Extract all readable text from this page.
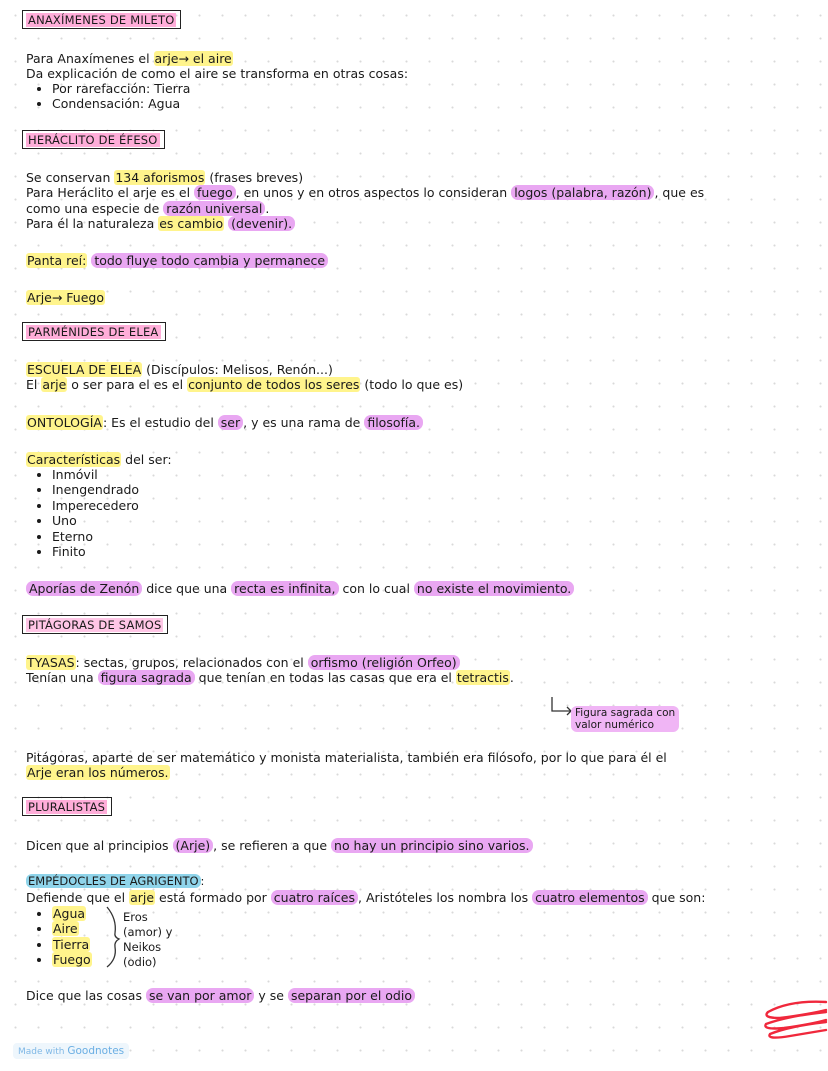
ANAXÍMENES DE MILETO
Para Anaxímenes el arje→ el aire
Da explicación de como el aire se transforma en otras cosas:
• Por rarefacción: Tierra
• Condensación: Agua
HERÁCLITO DE ÉFESO
Se conservan 134 aforismos (frases breves)
Para Heráclito el arje es el fuego , en unos y en otros aspectos lo consideran logos (palabra, razón) , que es
como una especie de razón universal .
Para él la naturaleza es cambio (devenir).
Panta reí: todo fluye todo cambia y permanece
Arje→ Fuego
PARMÉNIDES DE ELEA
ESCUELA DE ELEA (Discípulos: Melisos, Renón...)
El arje o ser para el es el conjunto de todos los seres (todo lo que es)
ONTOLOGÍA: Es el estudio del ser , y es una rama de filosofía.
Características del ser:
• Inmóvil
• Inengendrado
• Imperecedero
• Uno
• Eterno
• Finito
Aporías de Zenón dice que una recta es infinita, con lo cual no existe el movimiento.
PITÁGORAS DE SAMOS
TYASAS: sectas, grupos, relacionados con el orfismo (religión Orfeo)
Tenían una figura sagrada que tenían en todas las casas que era el tetractis.
Figura sagrada con
valor numérico
Pitágoras, aparte de ser matemático y monista materialista, también era filósofo, por lo que para él el
Arje eran los números.
PLURALISTAS
Dicen que al principios (Arje) , se refieren a que no hay un principio sino varios.
EMPÉDOCLES DE AGRIGENTO :
Defiende que el arje está formado por cuatro raíces , Aristóteles los nombra los cuatro elementos que son:
• Agua
• Aire
• Tierra
• Fuego
Eros
(amor) y
Neikos
(odio)
Dice que las cosas se van por amor y se separan por el odio
Made with Goodnotes
